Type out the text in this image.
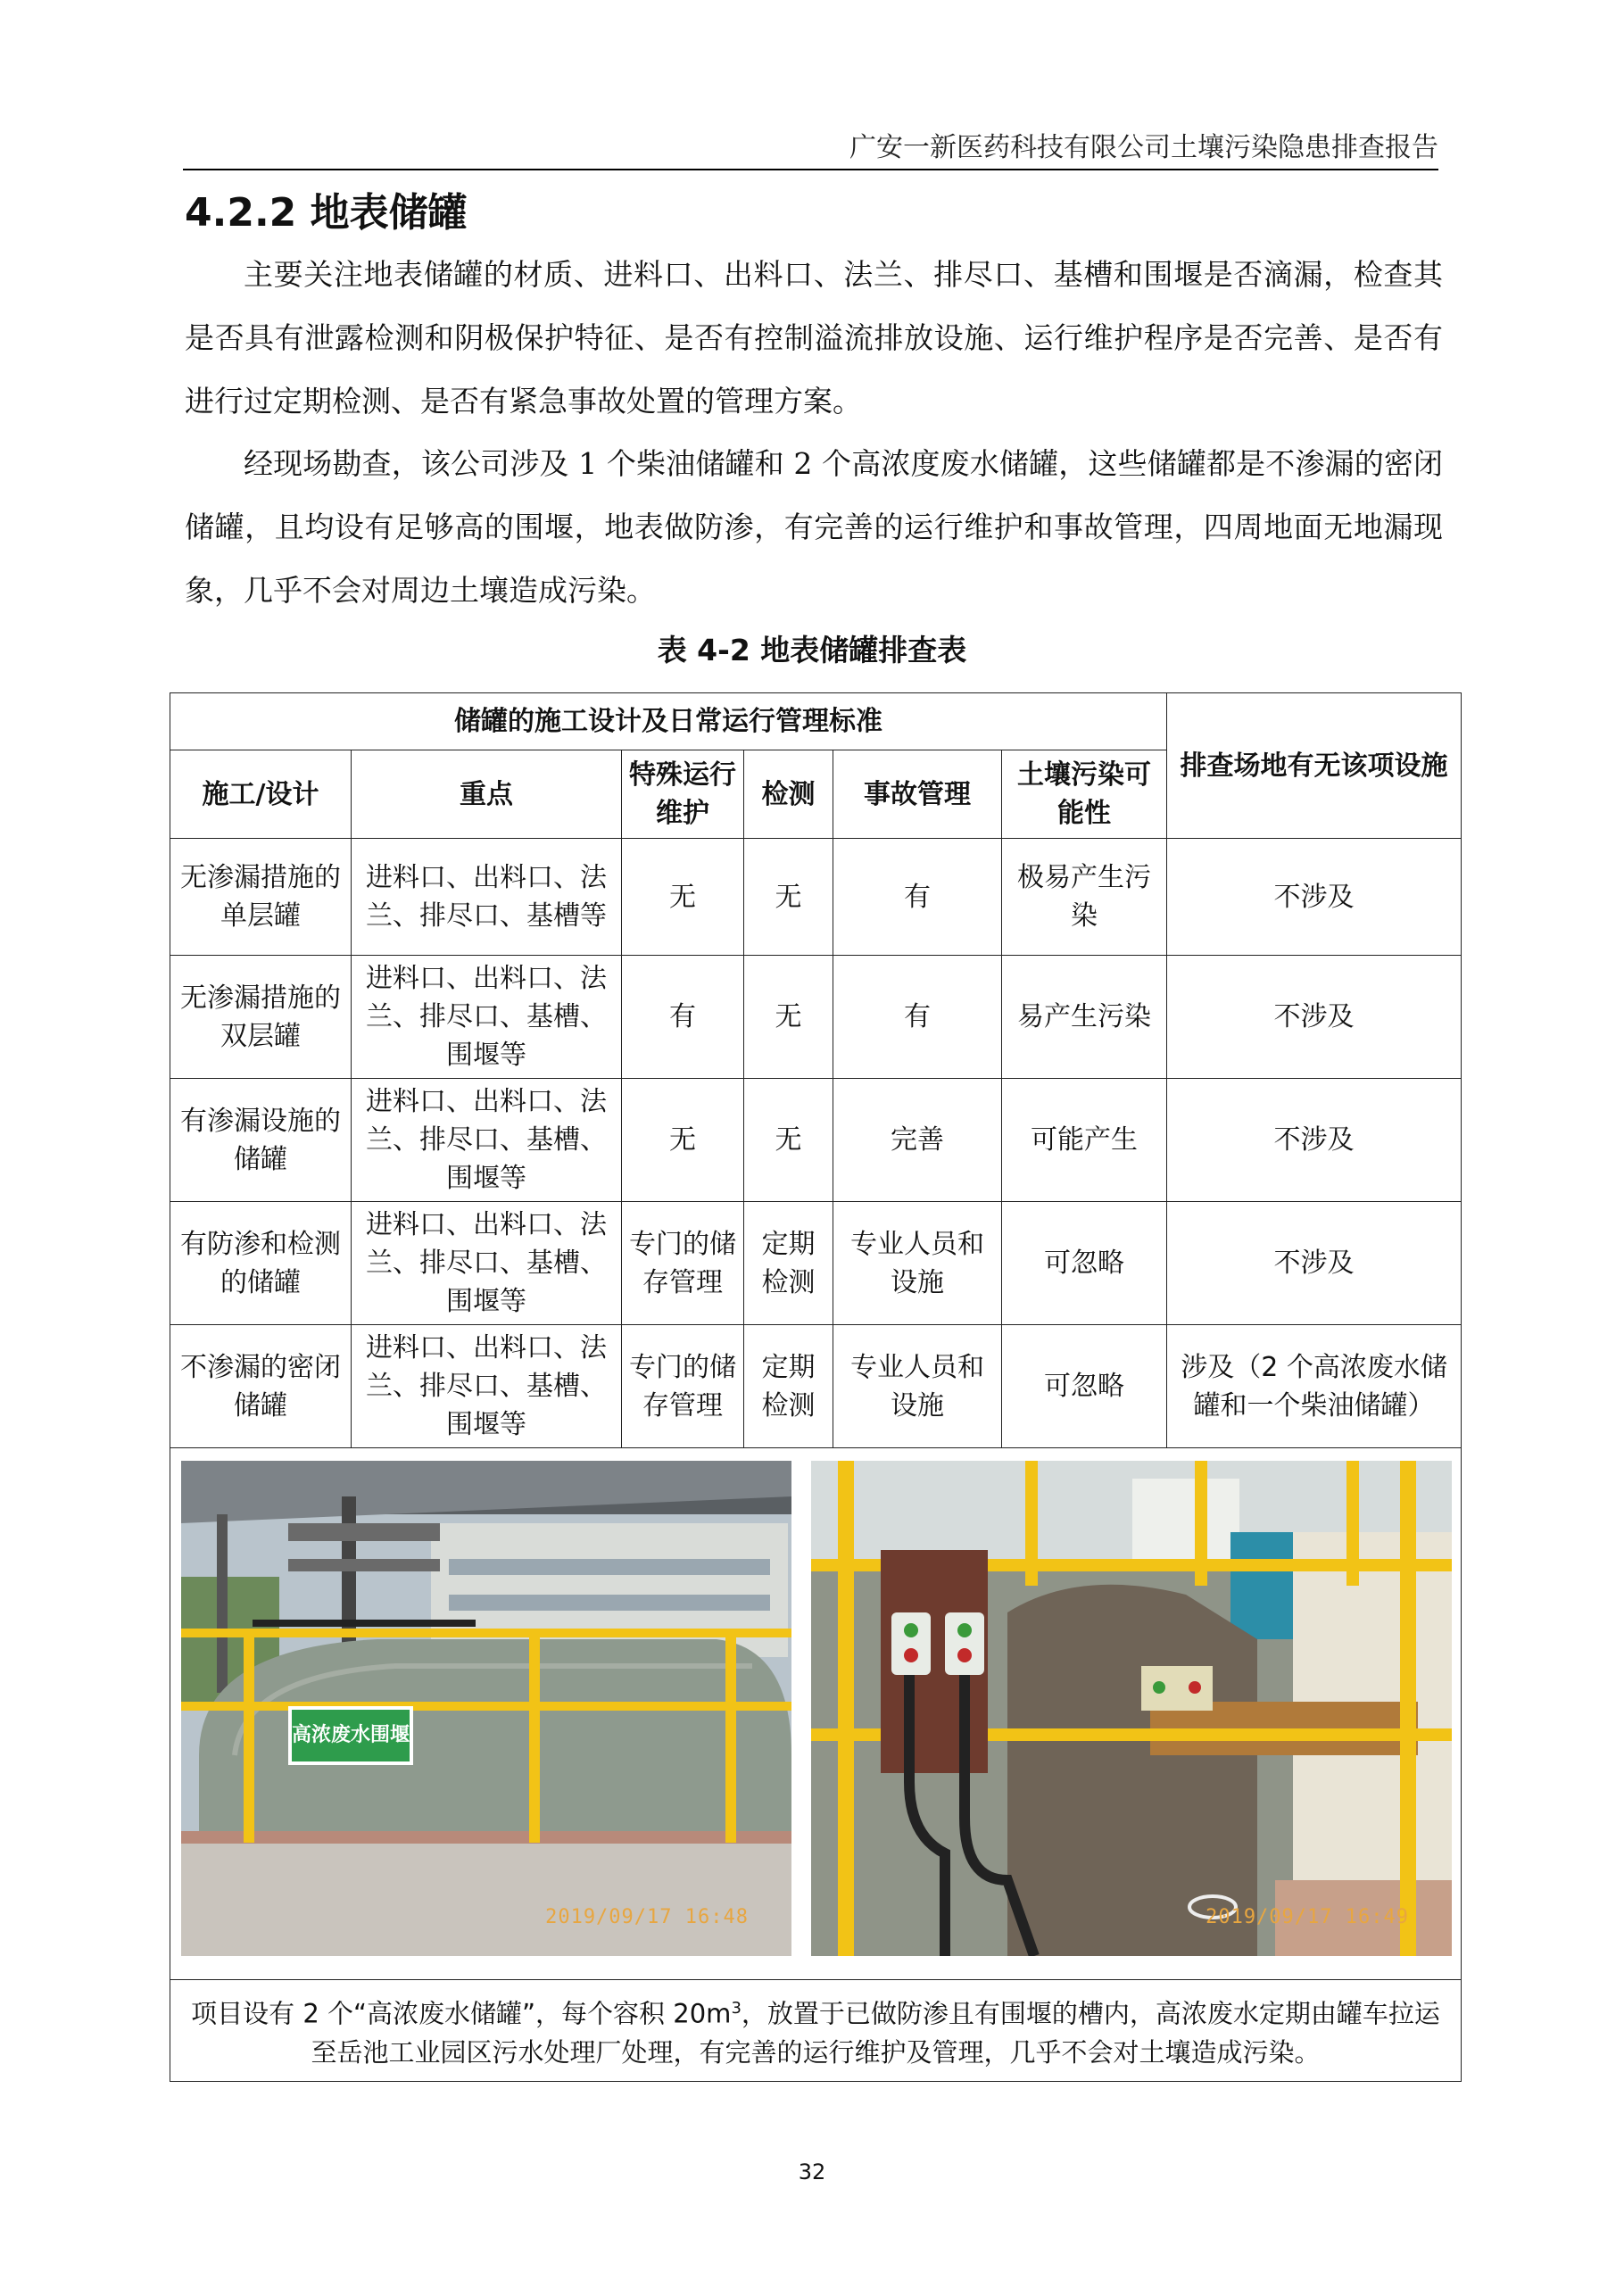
广安一新医药科技有限公司土壤污染隐患排查报告
4.2.2 地表储罐
主要关注地表储罐的材质、进料口、出料口、法兰、排尽口、基槽和围堰是否滴漏，检查其是否具有泄露检测和阴极保护特征、是否有控制溢流排放设施、运行维护程序是否完善、是否有进行过定期检测、是否有紧急事故处置的管理方案。
经现场勘查，该公司涉及 1 个柴油储罐和 2 个高浓度废水储罐，这些储罐都是不渗漏的密闭储罐，且均设有足够高的围堰，地表做防渗，有完善的运行维护和事故管理，四周地面无地漏现象，几乎不会对周边土壤造成污染。
表 4-2 地表储罐排查表
储罐的施工设计及日常运行管理标准						排查场地有无该项设施
施工/设计	重点	特殊运行维护	检测	事故管理	土壤污染可能性	
无渗漏措施的单层罐	进料口、出料口、法兰、排尽口、基槽等	无	无	有	极易产生污染	不涉及
无渗漏措施的双层罐	进料口、出料口、法兰、排尽口、基槽、围堰等	有	无	有	易产生污染	不涉及
有渗漏设施的储罐	进料口、出料口、法兰、排尽口、基槽、围堰等	无	无	完善	可能产生	不涉及
有防渗和检测的储罐	进料口、出料口、法兰、排尽口、基槽、围堰等	专门的储存管理	定期检测	专业人员和设施	可忽略	不涉及
不渗漏的密闭储罐	进料口、出料口、法兰、排尽口、基槽、围堰等	专门的储存管理	定期检测	专业人员和设施	可忽略	涉及（2 个高浓废水储罐和一个柴油储罐）

高浓废水围堰
2019/09/17 16:48 2019/09/17 16:49						

项目设有 2 个“高浓废水储罐”，每个容积 $20m^3$，放置于已做防渗且有围堰的槽内，高浓废水定期由罐车拉运至岳池工业园区污水处理厂处理，有完善的运行维护及管理，几乎不会对土壤造成污染。						
32
